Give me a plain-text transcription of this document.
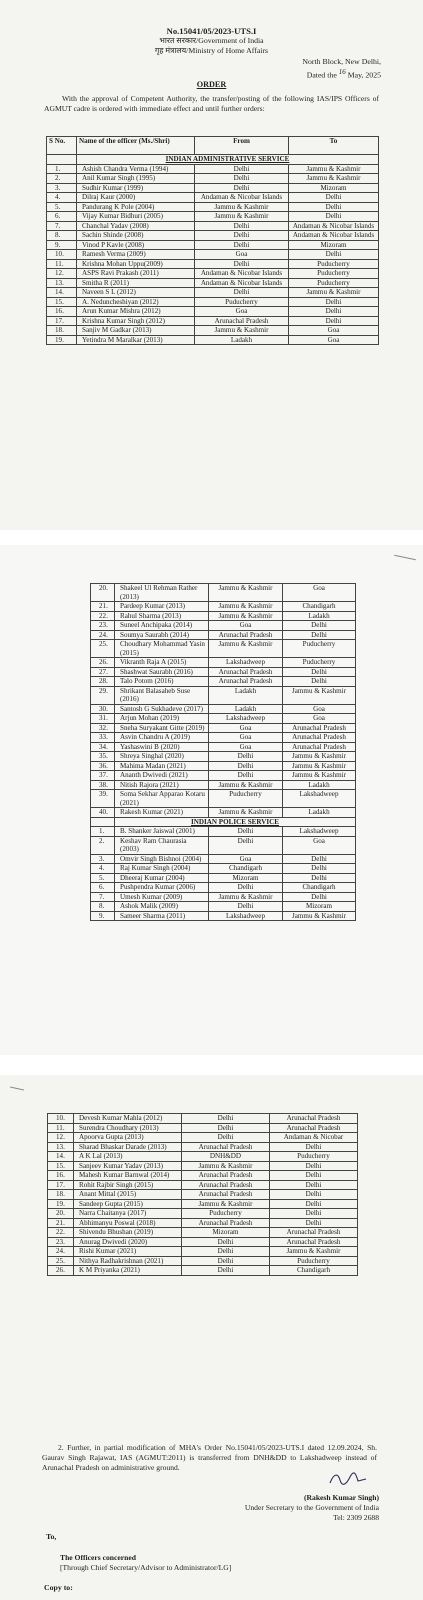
No.15041/05/2023-UTS.I
भारत सरकार/Government of India
गृह मंत्रालय/Ministry of Home Affairs
North Block, New Delhi,
Dated the 16 May, 2025
ORDER
With the approval of Competent Authority, the transfer/posting of the following IAS/IPS Officers of AGMUT cadre is ordered with immediate effect and until further orders:
S No.	Name of the officer (Ms./Shri)	From	To
	INDIAN ADMINISTRATIVE SERVICE		
1.	Ashish Chandra Verma (1994)	Delhi	Jammu & Kashmir
2.	Anil Kumar Singh (1995)	Delhi	Jammu & Kashmir
3.	Sudhir Kumar (1999)	Delhi	Mizoram
4.	Dilraj Kaur (2000)	Andaman & Nicobar Islands	Delhi
5.	Pandurang K Pole (2004)	Jammu & Kashmir	Delhi
6.	Vijay Kumar Bidhuri (2005)	Jammu & Kashmir	Delhi
7.	Chanchal Yadav (2008)	Delhi	Andaman & Nicobar Islands
8.	Sachin Shinde (2008)	Delhi	Andaman & Nicobar Islands
9.	Vinod P Kavle (2008)	Delhi	Mizoram
10.	Ramesh Verma (2009)	Goa	Delhi
11.	Krishna Mohan Uppu(2009)	Delhi	Puducherry
12.	ASPS Ravi Prakash (2011)	Andaman & Nicobar Islands	Puducherry
13.	Smitha R (2011)	Andaman & Nicobar Islands	Puducherry
14.	Naveen S L (2012)	Delhi	Jammu & Kashmir
15.	A. Neduncheshiyan (2012)	Puducherry	Delhi
16.	Arun Kumar Mishra (2012)	Goa	Delhi
17.	Krishna Kumar Singh (2012)	Arunachal Pradesh	Delhi
18.	Sanjiv M Gadkar (2013)	Jammu & Kashmir	Goa
19.	Yetindra M Maralkar (2013)	Ladakh	Goa
20.	Shakeel Ul Rehman Rather (2013)	Jammu & Kashmir	Goa
21.	Pardeep Kumar (2013)	Jammu & Kashmir	Chandigarh
22.	Rahul Sharma (2013)	Jammu & Kashmir	Ladakh
23.	Suneel Anchipaka (2014)	Goa	Delhi
24.	Soumya Saurabh (2014)	Arunachal Pradesh	Delhi
25.	Choudhary Mohammad Yasin (2015)	Jammu & Kashmir	Puducherry
26.	Vikranth Raja A (2015)	Lakshadweep	Puducherry
27.	Shashwat Saurabh (2016)	Arunachal Pradesh	Delhi
28.	Talo Potom (2016)	Arunachal Pradesh	Delhi
29.	Shrikant Balasaheb Suse (2016)	Ladakh	Jammu & Kashmir
30.	Santosh G Sukhadeve (2017)	Ladakh	Goa
31.	Arjun Mohan (2019)	Lakshadweep	Goa
32.	Sneha Suryakant Gitte (2019)	Goa	Arunachal Pradesh
33.	Asvin Chandru A (2019)	Goa	Arunachal Pradesh
34.	Yashaswini B (2020)	Goa	Arunachal Pradesh
35.	Shreya Singhal (2020)	Delhi	Jammu & Kashmir
36.	Mahima Madan (2021)	Delhi	Jammu & Kashmir
37.	Ananth Dwivedi (2021)	Delhi	Jammu & Kashmir
38.	Nitish Rajora (2021)	Jammu & Kashmir	Ladakh
39.	Soma Sekhar Apparao Kotaru (2021)	Puducherry	Lakshadweep
40.	Rakesh Kumar (2021)	Jammu & Kashmir	Ladakh
	INDIAN POLICE SERVICE		
1.	B. Shanker Jaiswal (2001)	Delhi	Lakshadweep
2.	Keshav Ram Chaurasia (2003)	Delhi	Goa
3.	Omvir Singh Bishnoi (2004)	Goa	Delhi
4.	Raj Kumar Singh (2004)	Chandigarh	Delhi
5.	Dheeraj Kumar (2004)	Mizoram	Delhi
6.	Pushpendra Kumar (2006)	Delhi	Chandigarh
7.	Umesh Kumar (2009)	Jammu & Kashmir	Delhi
8.	Ashok Malik (2009)	Delhi	Mizoram
9.	Sameer Sharma (2011)	Lakshadweep	Jammu & Kashmir
10.	Devesh Kumar Mahla (2012)	Delhi	Arunachal Pradesh
11.	Surendra Choudhary (2013)	Delhi	Arunachal Pradesh
12.	Apoorva Gupta (2013)	Delhi	Andaman & Nicobar
13.	Sharad Bhaskar Darade (2013)	Arunachal Pradesh	Delhi
14.	A K Lal (2013)	DNH&DD	Puducherry
15.	Sanjeev Kumar Yadav (2013)	Jammu & Kashmir	Delhi
16.	Mahesh Kumar Barnwal (2014)	Arunachal Pradesh	Delhi
17.	Rohit Rajbir Singh (2015)	Arunachal Pradesh	Delhi
18.	Anant Mittal (2015)	Arunachal Pradesh	Delhi
19.	Sandeep Gupta (2015)	Jammu & Kashmir	Delhi
20.	Narra Chaitanya (2017)	Puducherry	Delhi
21.	Abhimanyu Poswal (2018)	Arunachal Pradesh	Delhi
22.	Shivendu Bhushan (2019)	Mizoram	Arunachal Pradesh
23.	Anurag Dwivedi (2020)	Delhi	Arunachal Pradesh
24.	Rishi Kumar (2021)	Delhi	Jammu & Kashmir
25.	Nithya Radhakrishnan (2021)	Delhi	Puducherry
26.	K M Priyanka (2021)	Delhi	Chandigarh
2. Further, in partial modification of MHA's Order No.15041/05/2023-UTS.I dated 12.09.2024, Sh. Gaurav Singh Rajawat, IAS (AGMUT:2011) is transferred from DNH&DD to Lakshadweep instead of Arunachal Pradesh on administrative ground.
(Rakesh Kumar Singh)
Under Secretary to the Government of India
Tel: 2309 2688
To,
The Officers concerned
[Through Chief Secretary/Advisor to Administrator/LG]
Copy to:
